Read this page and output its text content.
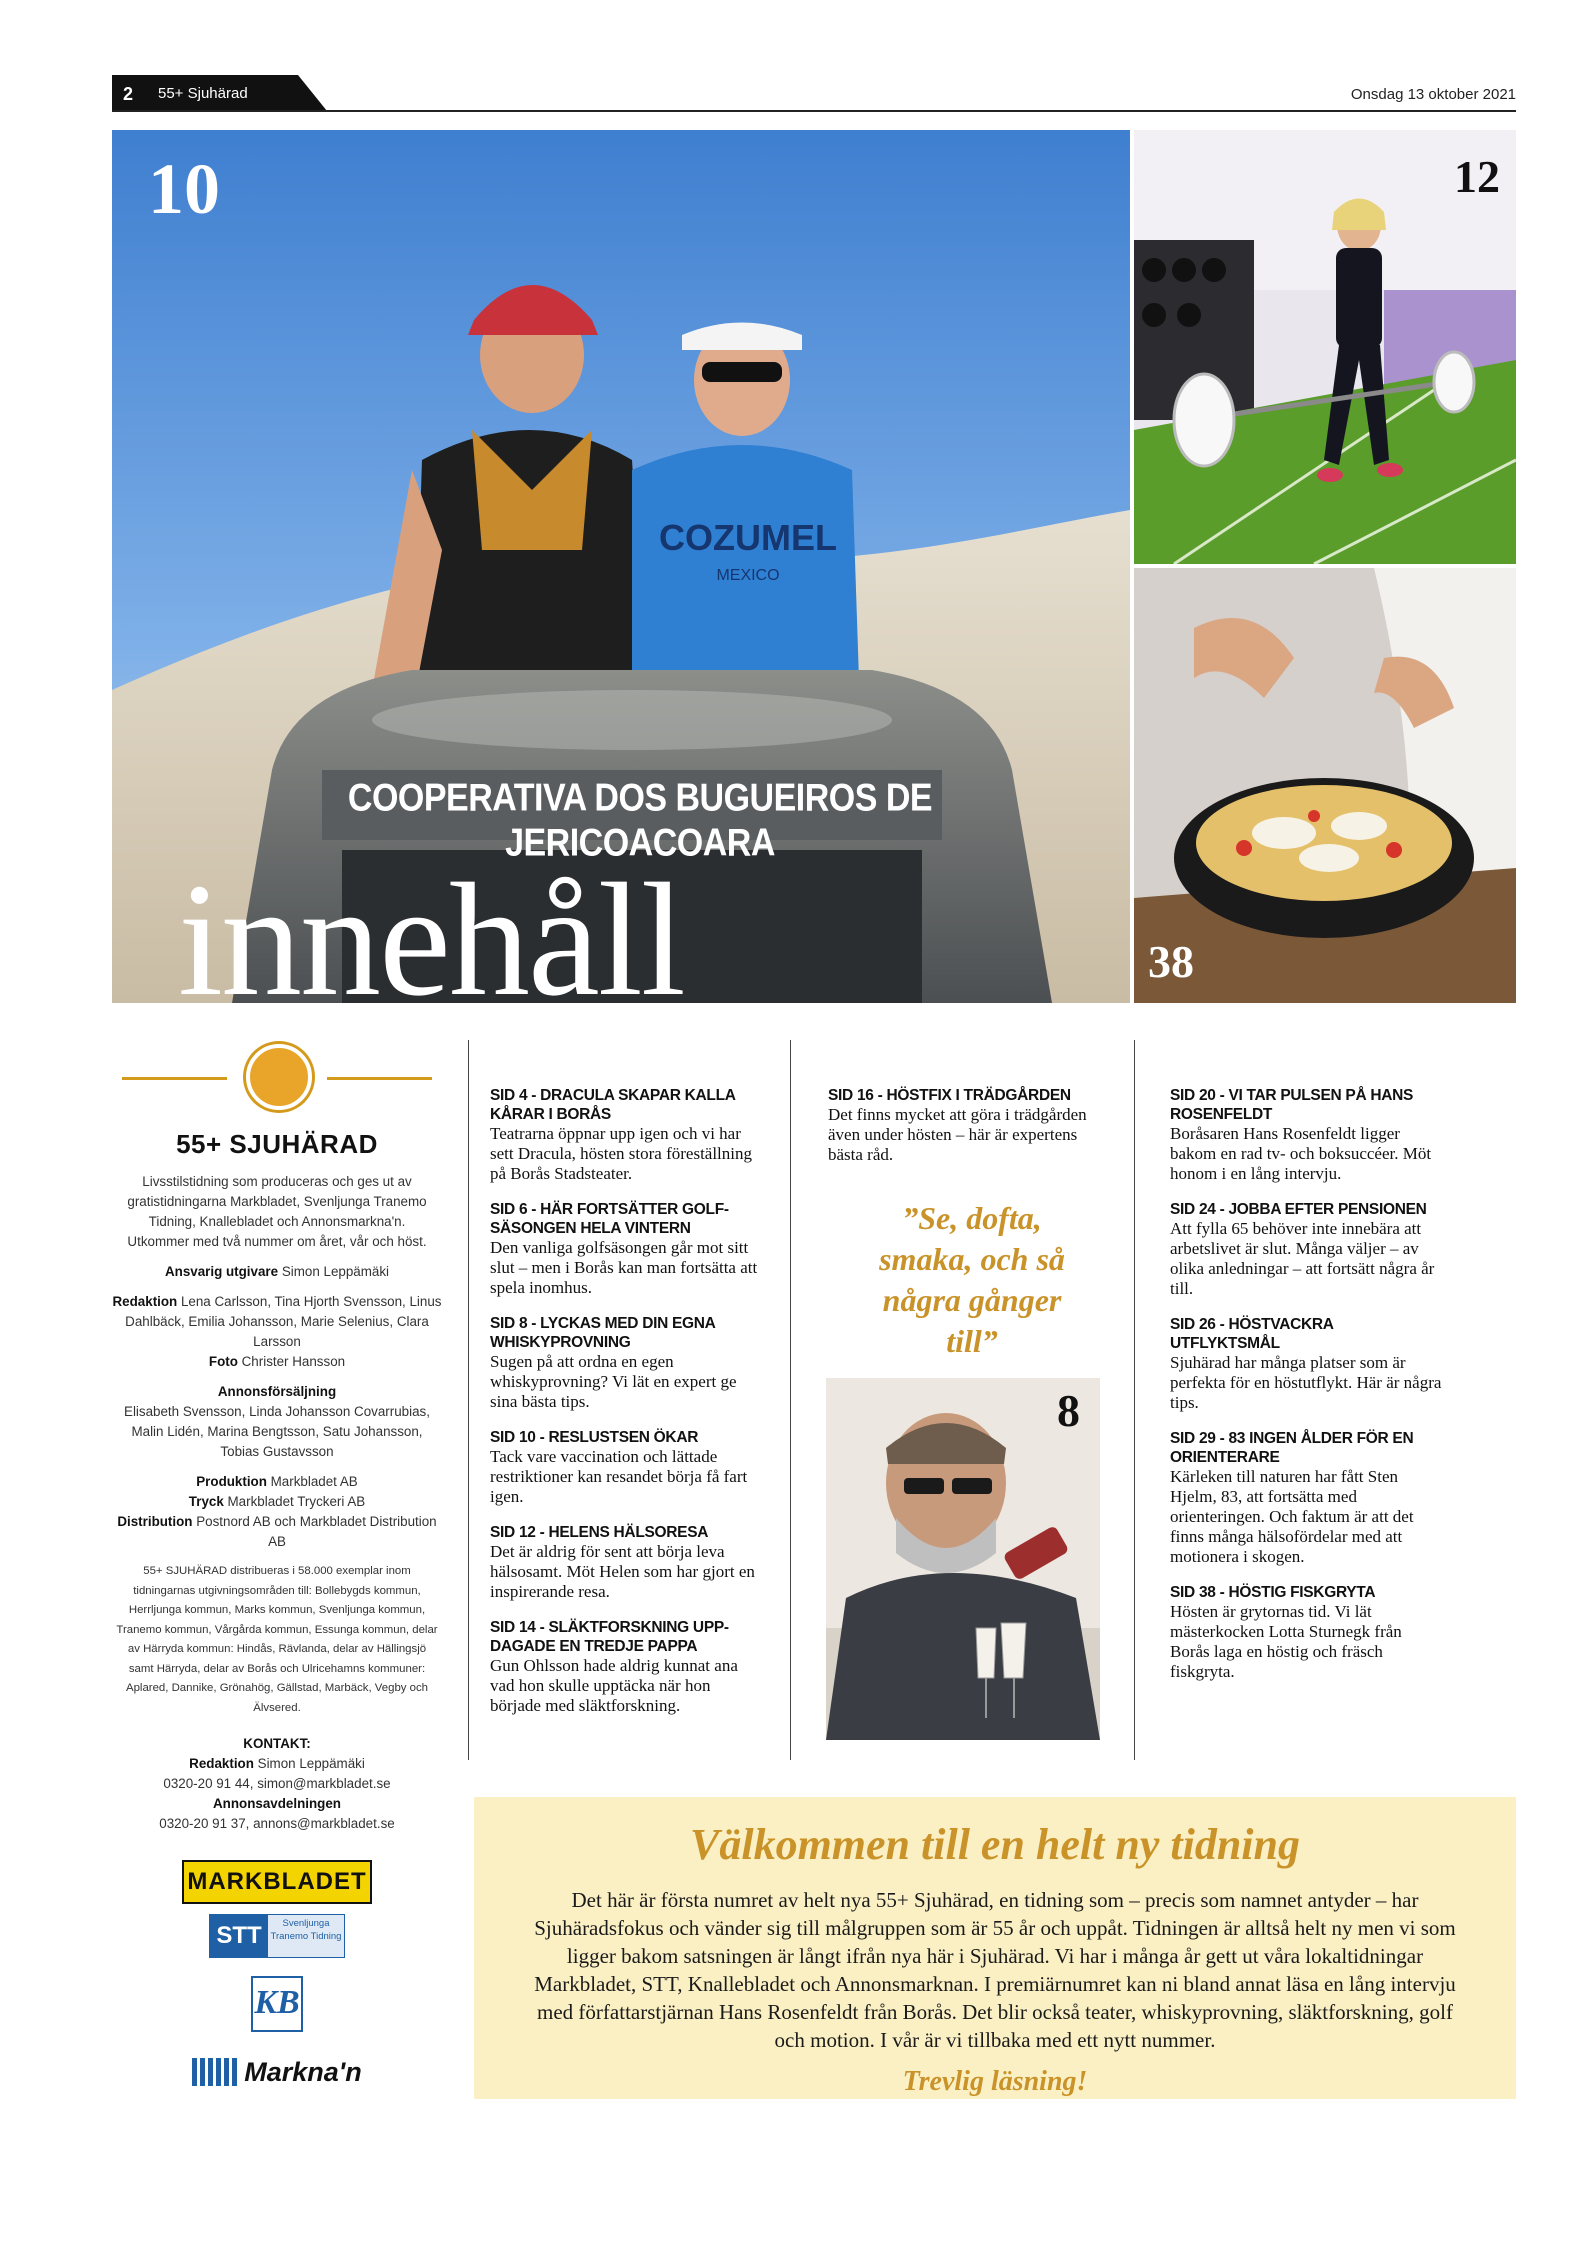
2 55+ Sjuhärad	Onsdag 13 oktober 2021
COZUMEL
MEXICO
10
COOPERATIVA DOS BUGUEIROS DE JERICOACOARA
innehåll
12
38
55+ SJUHÄRAD
Livsstilstidning som produceras och ges ut av gratistidningarna Markbladet, Svenljunga Tranemo Tidning, Knallebladet och Annonsmarkna'n. Utkommer med två nummer om året, vår och höst.
Ansvarig utgivare Simon Leppämäki
Redaktion Lena Carlsson, Tina Hjorth Svensson, Linus Dahlbäck, Emilia Johansson, Marie Selenius, Clara Larsson
Foto Christer Hansson
Annonsförsäljning
Elisabeth Svensson, Linda Johansson Covarrubias, Malin Lidén, Marina Bengtsson, Satu Johansson, Tobias Gustavsson
Produktion Markbladet AB
Tryck Markbladet Tryckeri AB
Distribution Postnord AB och Markbladet Distribution AB
55+ SJUHÄRAD distribueras i 58.000 exemplar inom tidningarnas utgivningsområden till: Bollebygds kommun, Herrljunga kommun, Marks kommun, Svenljunga kommun, Tranemo kommun, Vårgårda kommun, Essunga kommun, delar av Härryda kommun: Hindås, Rävlanda, delar av Hällingsjö samt Härryda, delar av Borås och Ulricehamns kommuner: Aplared, Dannike, Grönahög, Gällstad, Marbäck, Vegby och Älvsered.
KONTAKT:
Redaktion Simon Leppämäki
0320-20 91 44, simon@markbladet.se
Annonsavdelningen
0320-20 91 37, annons@markbladet.se
MARKBLADET
STT	Svenljunga Tranemo Tidning
KB
Markna'n
SID 4 - DRACULA SKAPAR KALLA KÅRAR I BORÅS

Teatrarna öppnar upp igen och vi har sett Dracula, hösten stora föreställning på Borås Stadsteater.

SID 6 - HÄR FORTSÄTTER GOLF-SÄSONGEN HELA VINTERN

Den vanliga golfsäsongen går mot sitt slut – men i Borås kan man fortsätta att spela inomhus.

SID 8 - LYCKAS MED DIN EGNA WHISKYPROVNING

Sugen på att ordna en egen whiskyprovning? Vi lät en expert ge sina bästa tips.

SID 10 - RESLUSTSEN ÖKAR

Tack vare vaccination och lättade restriktioner kan resandet börja få fart igen.

SID 12 - HELENS HÄLSORESA

Det är aldrig för sent att börja leva hälsosamt. Möt Helen som har gjort en inspirerande resa.

SID 14 - SLÄKTFORSKNING UPP-DAGADE EN TREDJE PAPPA

Gun Ohlsson hade aldrig kunnat ana vad hon skulle upptäcka när hon började med släktforskning.

SID 16 - HÖSTFIX I TRÄDGÅRDEN

Det finns mycket att göra i trädgården även under hösten – här är expertens bästa råd.

”Se, dofta, smaka, och så några gånger till”
8
SID 20 - VI TAR PULSEN PÅ HANS ROSENFELDT

Boråsaren Hans Rosenfeldt ligger bakom en rad tv- och boksuccéer. Möt honom i en lång intervju.

SID 24 - JOBBA EFTER PENSIONEN

Att fylla 65 behöver inte innebära att arbetslivet är slut. Många väljer – av olika anledningar – att fortsätt några år till.

SID 26 - HÖSTVACKRA UTFLYKTSMÅL

Sjuhärad har många platser som är perfekta för en höstutflykt. Här är några tips.

SID 29 - 83 INGEN ÅLDER FÖR EN ORIENTERARE

Kärleken till naturen har fått Sten Hjelm, 83, att fortsätta med orienteringen. Och faktum är att det finns många hälsofördelar med att motionera i skogen.

SID 38 - HÖSTIG FISKGRYTA

Hösten är grytornas tid. Vi lät mästerkocken Lotta Sturnegk från Borås laga en höstig och fräsch fiskgryta.

Välkommen till en helt ny tidning

Det här är första numret av helt nya 55+ Sjuhärad, en tidning som – precis som namnet antyder – har Sjuhäradsfokus och vänder sig till målgruppen som är 55 år och uppåt. Tidningen är alltså helt ny men vi som ligger bakom satsningen är långt ifrån nya här i Sjuhärad. Vi har i många år gett ut våra lokaltidningar Markbladet, STT, Knallebladet och Annonsmarknan. I premiärnumret kan ni bland annat läsa en lång intervju med författarstjärnan Hans Rosenfeldt från Borås. Det blir också teater, whiskyprovning, släktforskning, golf och motion. I vår är vi tillbaka med ett nytt nummer.

Trevlig läsning!
